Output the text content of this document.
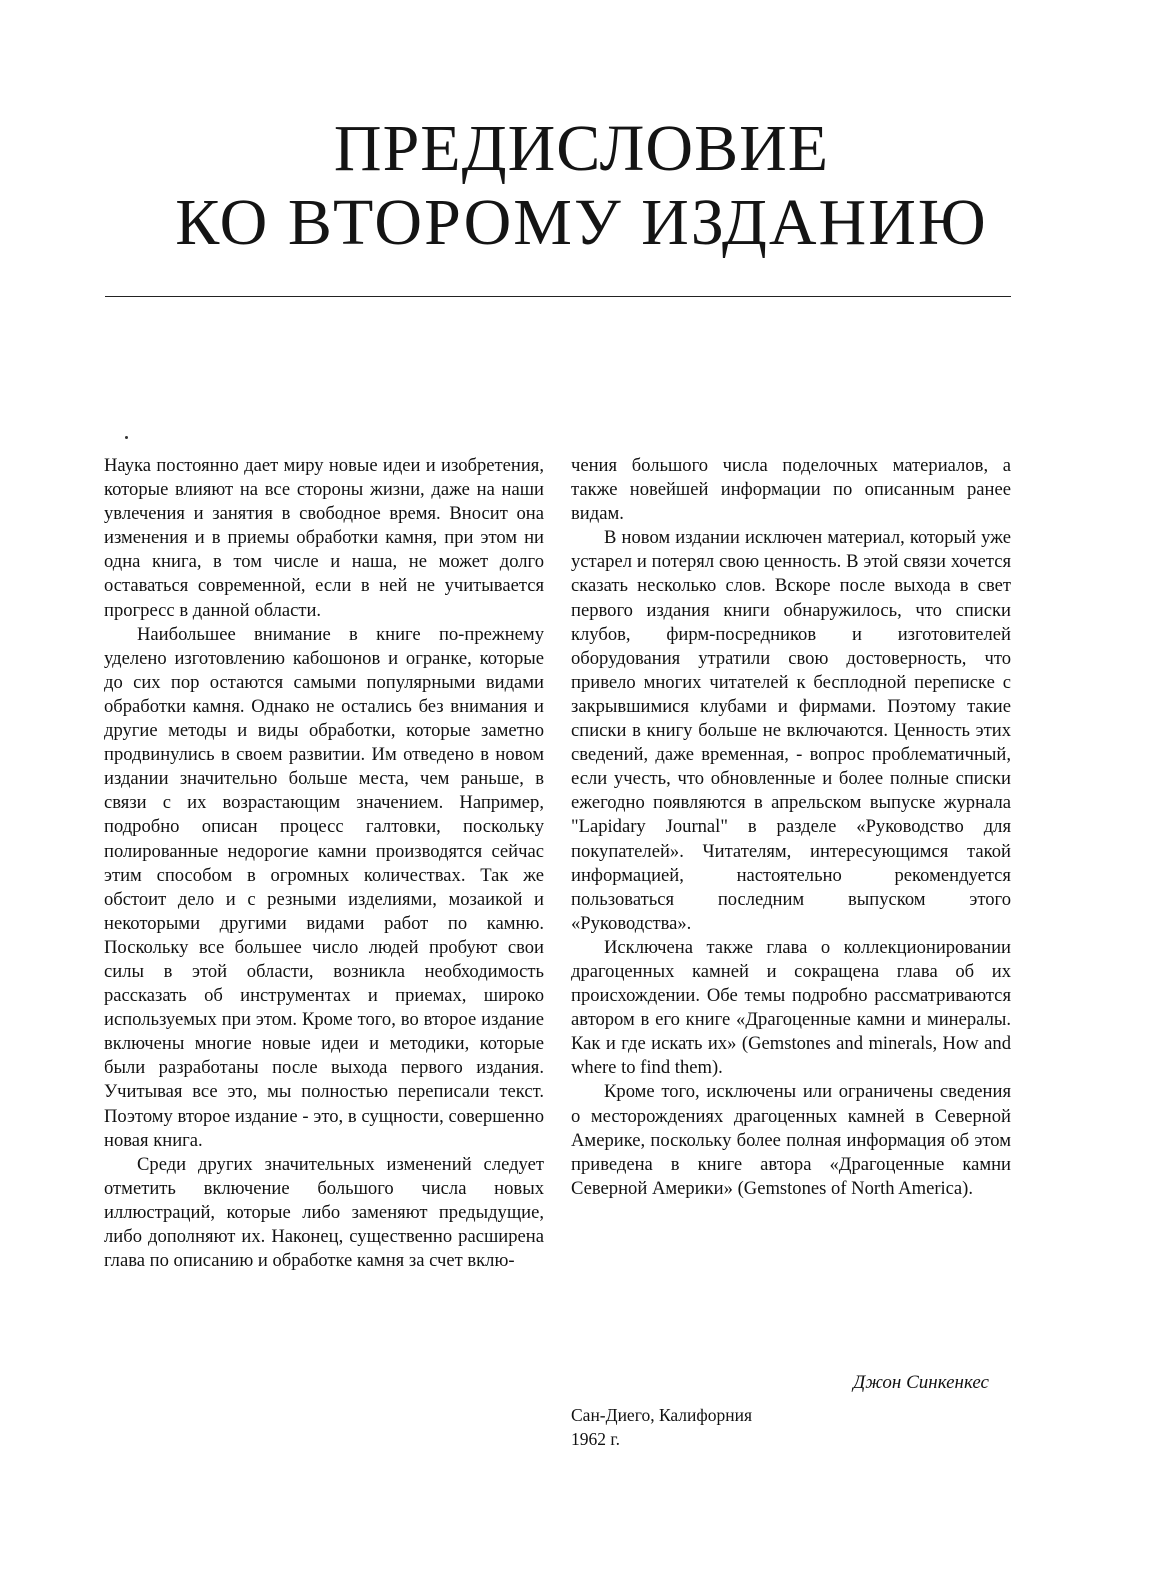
ПРЕДИСЛОВИЕ
КО ВТОРОМУ ИЗДАНИЮ

Наука постоянно дает миру новые идеи и изобретения, которые влияют на все стороны жизни, даже на наши увлечения и занятия в свободное время. Вносит она изменения и в приемы обработки камня, при этом ни одна книга, в том числе и наша, не может долго оставаться современной, если в ней не учитывается прогресс в данной области.

Наибольшее внимание в книге по-прежнему уделено изготовлению кабошонов и огранке, которые до сих пор остаются самыми популярными видами обработки камня. Однако не остались без внимания и другие методы и виды обработки, которые заметно продвинулись в своем развитии. Им отведено в новом издании значительно больше места, чем раньше, в связи с их возрастающим значением. Например, подробно описан процесс галтовки, поскольку полированные недорогие камни производятся сейчас этим способом в огромных количествах. Так же обстоит дело и с резными изделиями, мозаикой и некоторыми другими видами работ по камню. Поскольку все большее число людей пробуют свои силы в этой области, возникла необходимость рассказать об инструментах и приемах, широко используемых при этом. Кроме того, во второе издание включены многие новые идеи и методики, которые были разработаны после выхода первого издания. Учитывая все это, мы полностью переписали текст. Поэтому второе издание - это, в сущности, совершенно новая книга.

Среди других значительных изменений следует отметить включение большого числа новых иллюстраций, которые либо заменяют предыдущие, либо дополняют их. Наконец, существенно расширена глава по описанию и обработке камня за счет вклю-

чения большого числа поделочных материалов, а также новейшей информации по описанным ранее видам.

В новом издании исключен материал, который уже устарел и потерял свою ценность. В этой связи хочется сказать несколько слов. Вскоре после выхода в свет первого издания книги обнаружилось, что списки клубов, фирм-посредников и изготовителей оборудования утратили свою достоверность, что привело многих читателей к бесплодной переписке с закрывшимися клубами и фирмами. Поэтому такие списки в книгу больше не включаются. Ценность этих сведений, даже временная, - вопрос проблематичный, если учесть, что обновленные и более полные списки ежегодно появляются в апрельском выпуске журнала "Lapidary Journal" в разделе «Руководство для покупателей». Читателям, интересующимся такой информацией, настоятельно рекомендуется пользоваться последним выпуском этого «Руководства».

Исключена также глава о коллекционировании драгоценных камней и сокращена глава об их происхождении. Обе темы подробно рассматриваются автором в его книге «Драгоценные камни и минералы. Как и где искать их» (Gemstones and minerals, How and where to find them).

Кроме того, исключены или ограничены сведения о месторождениях драгоценных камней в Северной Америке, поскольку более полная информация об этом приведена в книге автора «Драгоценные камни Северной Америки» (Gemstones of North America).

Джон Синкенкес
Сан-Диего, Калифорния
1962 г.
